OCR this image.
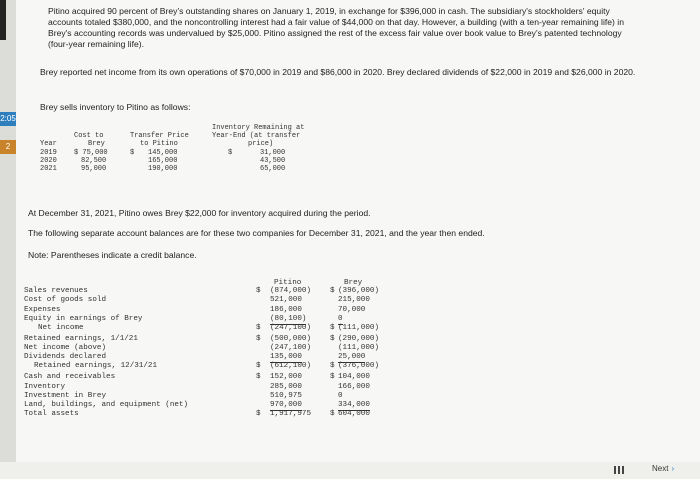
2:05
2
Pitino acquired 90 percent of Brey's outstanding shares on January 1, 2019, in exchange for $396,000 in cash. The subsidiary's stockholders' equity accounts totaled $380,000, and the noncontrolling interest had a fair value of $44,000 on that day. However, a building (with a ten-year remaining life) in Brey's accounting records was undervalued by $25,000. Pitino assigned the rest of the excess fair value over book value to Brey's patented technology (four-year remaining life).
Brey reported net income from its own operations of $70,000 in 2019 and $86,000 in 2020. Brey declared dividends of $22,000 in 2019 and $26,000 in 2020.
Brey sells inventory to Pitino as follows:
Inventory Remaining at
Cost to	Transfer Price	Year-End (at transfer
Year	Brey	to Pitino	price)
2019 $ 75,000	$ 145,000	$	31,000
2020	82,500	165,000	43,500
2021	95,000	190,000	65,000
At December 31, 2021, Pitino owes Brey $22,000 for inventory acquired during the period.
The following separate account balances are for these two companies for December 31, 2021, and the year then ended.
Note: Parentheses indicate a credit balance.
Pitino	Brey
Sales revenues	$ (874,000) $ (396,000)
Cost of goods sold	521,000	215,000
Expenses	186,000	70,000
Equity in earnings of Brey	(80,100)	0
Net income	$ (247,100) $ (111,000)
Retained earnings, 1/1/21	$ (500,000) $ (290,000)
Net income (above)	(247,100)	(111,000)
Dividends declared	135,000	25,000
Retained earnings, 12/31/21	$ (612,100) $ (376,000)
Cash and receivables	$ 152,000	$ 104,000
Inventory	285,000	166,000
Investment in Brey	510,975	0
Land, buildings, and equipment (net)	970,000	334,000
Total assets	$ 1,917,975 $ 604,000
Next ›
